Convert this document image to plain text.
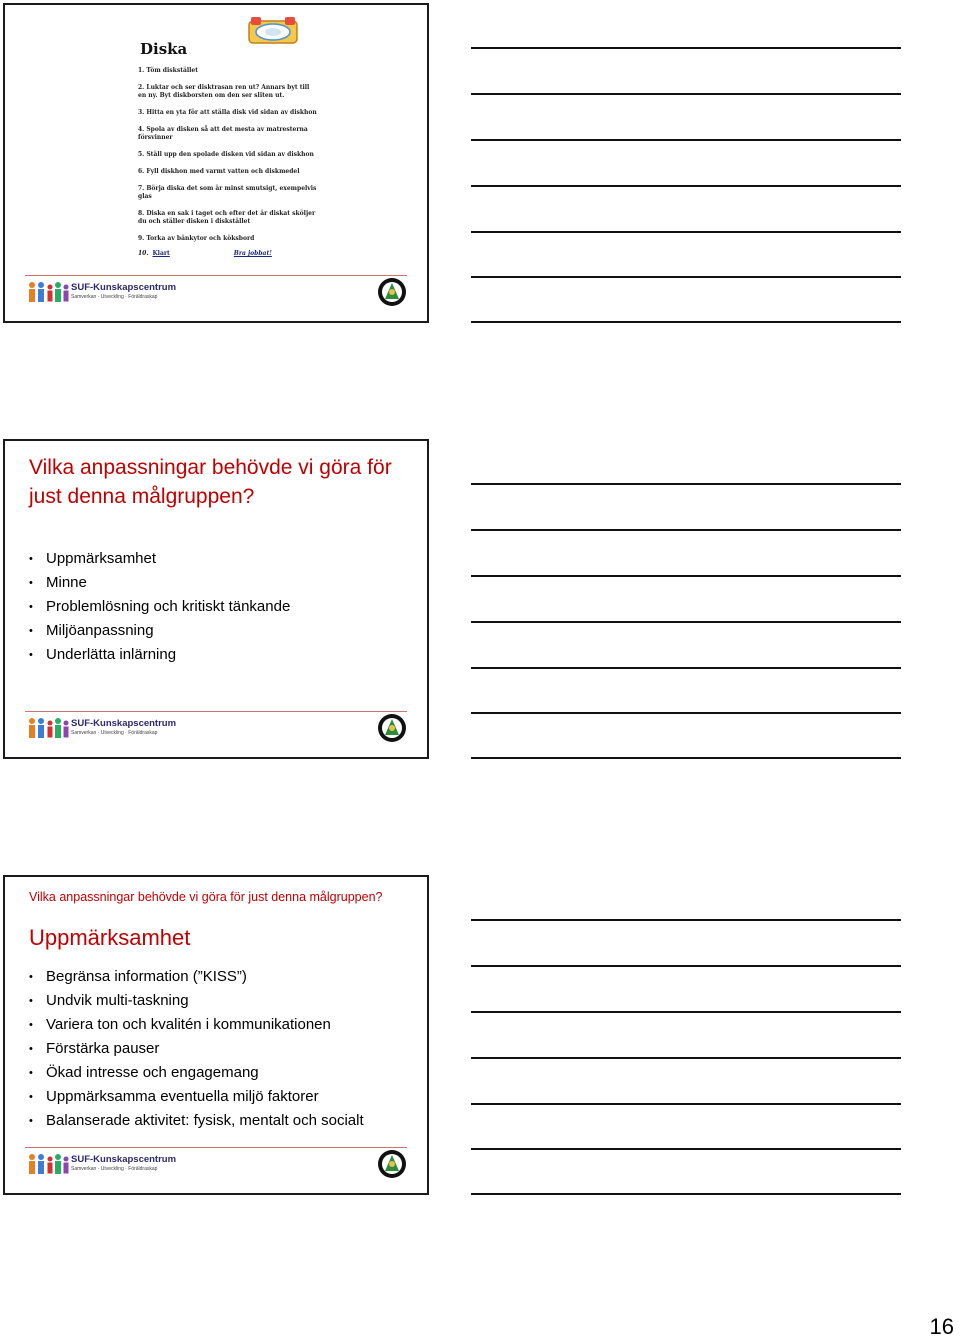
Diska
1. Töm diskstället
2. Luktar och ser disktrasan ren ut? Annars byt till en ny. Byt diskborsten om den ser sliten ut.
3. Hitta en yta för att ställa disk vid sidan av diskhon
4. Spola av disken så att det mesta av matresterna försvinner
5. Ställ upp den spolade disken vid sidan av diskhon
6. Fyll diskhon med varmt vatten och diskmedel
7. Börja diska det som är minst smutsigt, exempelvis glas
8. Diska en sak i taget och efter det är diskat sköljer du och ställer disken i diskstället
9. Torka av bänkytor och köksbord
10. Klart	Bra jobbat!
SUF-Kunskapscentrum
Samverkan · Utveckling · Föräldraskap
Vilka anpassningar behövde vi göra för just denna målgruppen?
• Uppmärksamhet
• Minne
• Problemlösning och kritiskt tänkande
• Miljöanpassning
• Underlätta inlärning
SUF-Kunskapscentrum
Samverkan · Utveckling · Föräldraskap
Vilka anpassningar behövde vi göra för just denna målgruppen?
Uppmärksamhet
• Begränsa information (”KISS”)
• Undvik multi-taskning
• Variera ton och kvalitén i kommunikationen
• Förstärka pauser
• Ökad intresse och engagemang
• Uppmärksamma eventuella miljö faktorer
• Balanserade aktivitet: fysisk, mentalt och socialt
SUF-Kunskapscentrum
Samverkan · Utveckling · Föräldraskap
16
